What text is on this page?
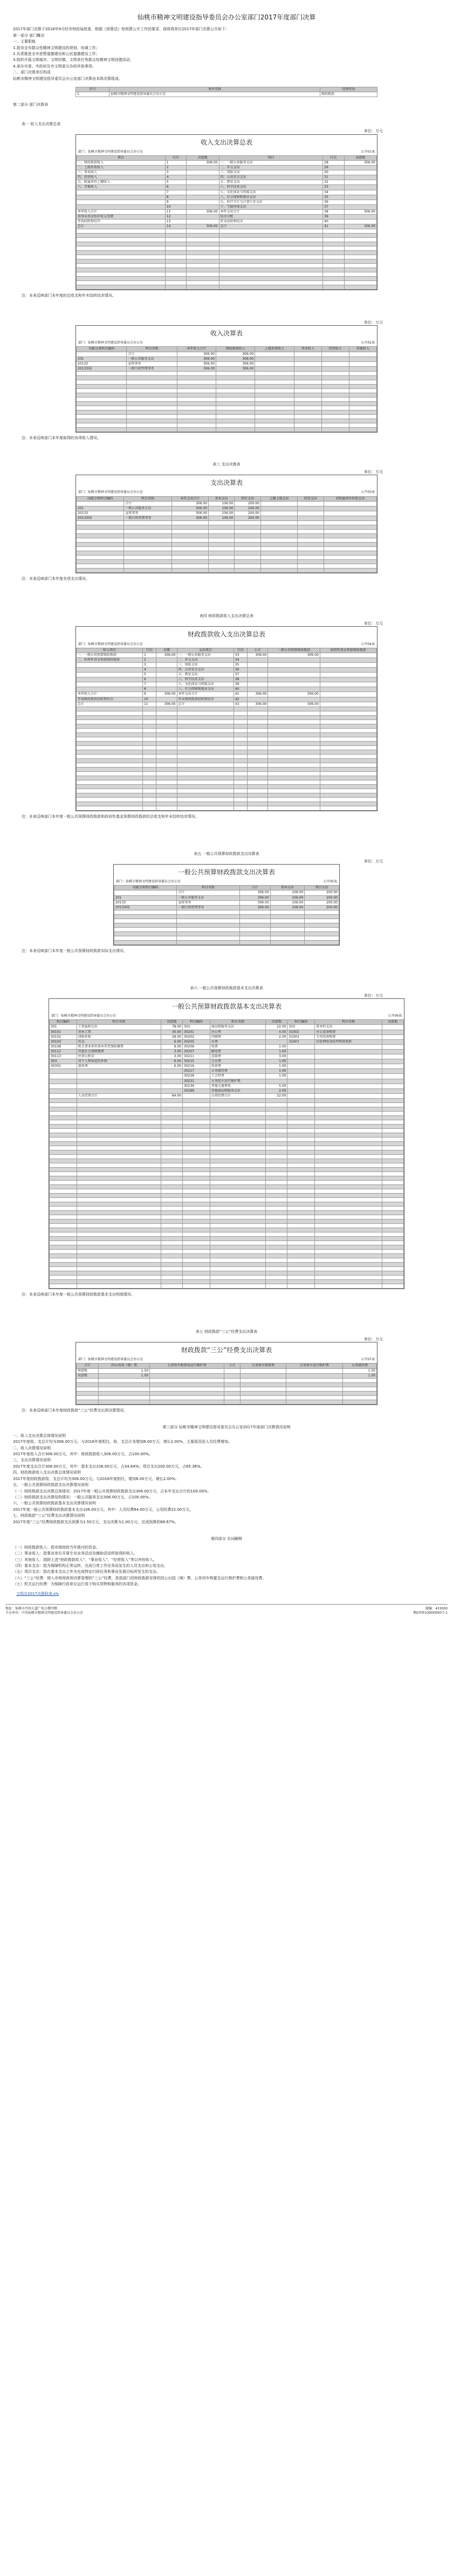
仙桃市精神文明建设指导委员会办公室部门2017年度部门决算

2017年部门决算于2018年9月经市财政局批准，根据《预算法》和预算公开工作的要求，现将我单位2017年部门决算公开如下：

第一部分 部门概况

一、主要职能

1.指导全市群众性精神文明建设的规划、协调工作；

2.负责推进全市思想道德建设和公民道德建设工作；

3.组织开展文明城市、文明村镇、文明单位等群众性精神文明创建活动；

4.承办市委、市政府及市文明委交办的其他事项。

二、部门决算单位构成

仙桃市精神文明建设指导委员会办公室部门决算由本级决算组成。

序号	单位名称	经费性质
1	仙桃市精神文明建设指导委员会办公室	财政拨款

第二部分 部门决算表

表一 收入支出决算总表

单位：万元
收入支出决算总表
部门：仙桃市精神文明建设指导委员会办公室	公开01表
项目	行次	决算数	项目	行次	决算数
一、财政拨款收入	1	306.00	一、一般公共服务支出	28	306.00
二、上级补助收入	2		二、外交支出	29	
三、事业收入	3		三、国防支出	30	
四、经营收入	4		四、公共安全支出	31	
五、附属单位上缴收入	5		五、教育支出	32	
六、其他收入	6		六、科学技术支出	33	
	7		七、文化体育与传媒支出	34	
	8		八、社会保障和就业支出	35	
	9		九、医疗卫生与计划生育支出	36	
	10		十、节能环保支出	37	
本年收入合计	11	306.00	本年支出合计	38	306.00
用事业基金弥补收支差额	12		结余分配	39	
年初结转和结余	13		年末结转和结余	40	
总计	14	306.00	总计	41	306.00

注：本表反映部门本年度的总收支和年末结转结余情况。

单位：万元
收入决算表
部门：仙桃市精神文明建设指导委员会办公室	公开02表
功能分类科目编码	科目名称	本年收入合计	财政拨款收入	上级补助收入	事业收入	经营收入	其他收入
	合计	306.00	306.00				
201	一般公共服务支出	306.00	306.00				
20133	宣传事务	306.00	306.00				
2013302	一般行政管理事务	306.00	306.00				

注：本表反映部门本年度取得的各项收入情况。

表三 支出决算表

单位：万元
支出决算表
部门：仙桃市精神文明建设指导委员会办公室	公开03表
功能分类科目编码	科目名称	本年支出合计	基本支出	项目支出	上缴上级支出	经营支出	对附属单位补助支出
	合计	306.00	106.00	200.00			
201	一般公共服务支出	306.00	106.00	200.00			
20133	宣传事务	306.00	106.00	200.00			
2013302	一般行政管理事务	306.00	106.00	200.00			

注：本表反映部门本年度各项支出情况。

表四 财政拨款收入支出决算总表

单位：万元
财政拨款收入支出决算总表
部门：仙桃市精神文明建设指导委员会办公室	公开04表
收入项目	行次	金额	支出项目	行次	小计	一般公共预算财政拨款	政府性基金预算财政拨款
一、一般公共预算财政拨款	1	306.00	一、一般公共服务支出	33	306.00	306.00	
二、政府性基金预算财政拨款	2		二、外交支出	34			
	3		三、国防支出	35			
	4		四、公共安全支出	36			
	5		五、教育支出	37			
	6		六、科学技术支出	38			
	7		七、文化体育与传媒支出	39			
	8		八、社会保障和就业支出	40			
本年收入合计	9	306.00	本年支出合计	41	306.00	306.00	
年初财政拨款结转和结余	10		年末财政拨款结转和结余	42			
总计	11	306.00	总计	43	306.00	306.00	

注：本表反映部门本年度一般公共预算财政拨款和政府性基金预算财政拨款的总收支和年末结转结余情况。

表五 一般公共预算财政拨款支出决算表

单位：万元
一般公共预算财政拨款支出决算表
部门：仙桃市精神文明建设指导委员会办公室	公开05表
功能分类科目编码	科目名称	合计	基本支出	项目支出
	合计	306.00	106.00	200.00
201	一般公共服务支出	306.00	106.00	200.00
20133	宣传事务	306.00	106.00	200.00
2013302	一般行政管理事务	306.00	106.00	200.00

注：本表反映部门本年度一般公共预算财政拨款实际支出情况。

表六 一般公共预算财政拨款基本支出决算表

单位：万元
一般公共预算财政拨款基本支出决算表
部门：仙桃市精神文明建设指导委员会办公室	公开06表
科目编码	科目名称	决算数	科目编码	科目名称	决算数	科目编码	科目名称	决算数
301	工资福利支出	78.00	302	商品和服务支出	22.00	310	资本性支出	
30101	基本工资	30.00	30201	办公费	4.00	31002	办公设备购置	
30102	津贴补贴	28.00	30202	印刷费	2.00	31003	专用设备购置	
30103	奖金	6.00	30205	水费		31007	信息网络及软件购置更新	
30108	机关事业单位基本养老保险缴费	8.00	30206	电费	1.00			
30112	其他社会保障缴费	3.00	30207	邮电费	1.00			
30113	住房公积金	3.00	30211	差旅费	3.00			
303	对个人和家庭的补助	6.00	30215	会议费	1.00			
30302	退休费	6.00	30216	培训费	1.00			
			30217	公务接待费	1.00			
			30228	工会经费	1.00			
			30231	公务用车运行维护费				
			30239	其他交通费用	5.00			
			30299	其他商品和服务支出	2.00			
	人员经费合计	84.00		公用经费合计	22.00			

注：本表反映部门本年度一般公共预算财政拨款基本支出明细情况。

表七 财政拨款“三公”经费支出决算表

单位：万元
财政拨款“三公”经费支出决算表
部门：仙桃市精神文明建设指导委员会办公室	公开07表
合计	因公出国（境）费	公务用车购置及运行维护费	小计	公务用车购置费	公务用车运行维护费	公务接待费
预算数	1.50					1.50
决算数	1.00					1.00

注：本表反映部门本年度财政拨款“三公”经费支出预决算情况。

第三部分 仙桃市精神文明建设指导委员会办公室2017年度部门决算情况说明

一、收入支出决算总体情况说明

2017年度收、支总计均为306.00万元。与2016年度相比，收、支总计各增加6.00万元，增长2.00%。主要原因是人员经费增加。

二、收入决算情况说明

2017年度收入合计306.00万元，其中：财政拨款收入306.00万元，占100.00%。

三、支出决算情况说明

2017年度支出合计306.00万元，其中：基本支出106.00万元，占34.64%；项目支出200.00万元，占65.36%。

四、财政拨款收入支出决算总体情况说明

2017年度财政拨款收、支总计均为306.00万元。与2016年度相比，增加6.00万元，增长2.00%。

五、一般公共预算财政拨款支出决算情况说明

（一）财政拨款支出决算总体情况：2017年度一般公共预算财政拨款支出306.00万元，占本年支出合计的100.00%。

（二）财政拨款支出决算结构情况：一般公共服务支出306.00万元，占100.00%。

六、一般公共预算财政拨款基本支出决算情况说明

2017年度一般公共预算财政拨款基本支出106.00万元，其中：人员经费84.00万元，公用经费22.00万元。

七、财政拨款“三公”经费支出决算情况说明

2017年度“三公”经费财政拨款支出预算为1.50万元，支出决算为1.00万元，完成预算的66.67%。

第四部分 名词解释

（一）财政拨款收入：指市级财政当年拨付的资金。

（二）事业收入：指事业单位开展专业业务活动及辅助活动所取得的收入。

（三）其他收入：指除上述“财政拨款收入”、“事业收入”、“经营收入”等以外的收入。

（四）基本支出：指为保障机构正常运转、完成日常工作任务而发生的人员支出和公用支出。

（五）项目支出：指在基本支出之外为完成特定行政任务和事业发展目标所发生的支出。

（六）“三公”经费：纳入市级财政预决算管理的“三公”经费，是指部门用财政拨款安排的因公出国（境）费、公务用车购置及运行维护费和公务接待费。

（七）机关运行经费：为保障行政单位运行用于购买货物和服务的各项资金。

文明办2017决算附表.xls

地址：仙桃市沔州大道广电大楼四楼	邮编：433000
主办单位：中共仙桃市精神文明建设指导委员会办公室	鄂ICP备10000000号-1
